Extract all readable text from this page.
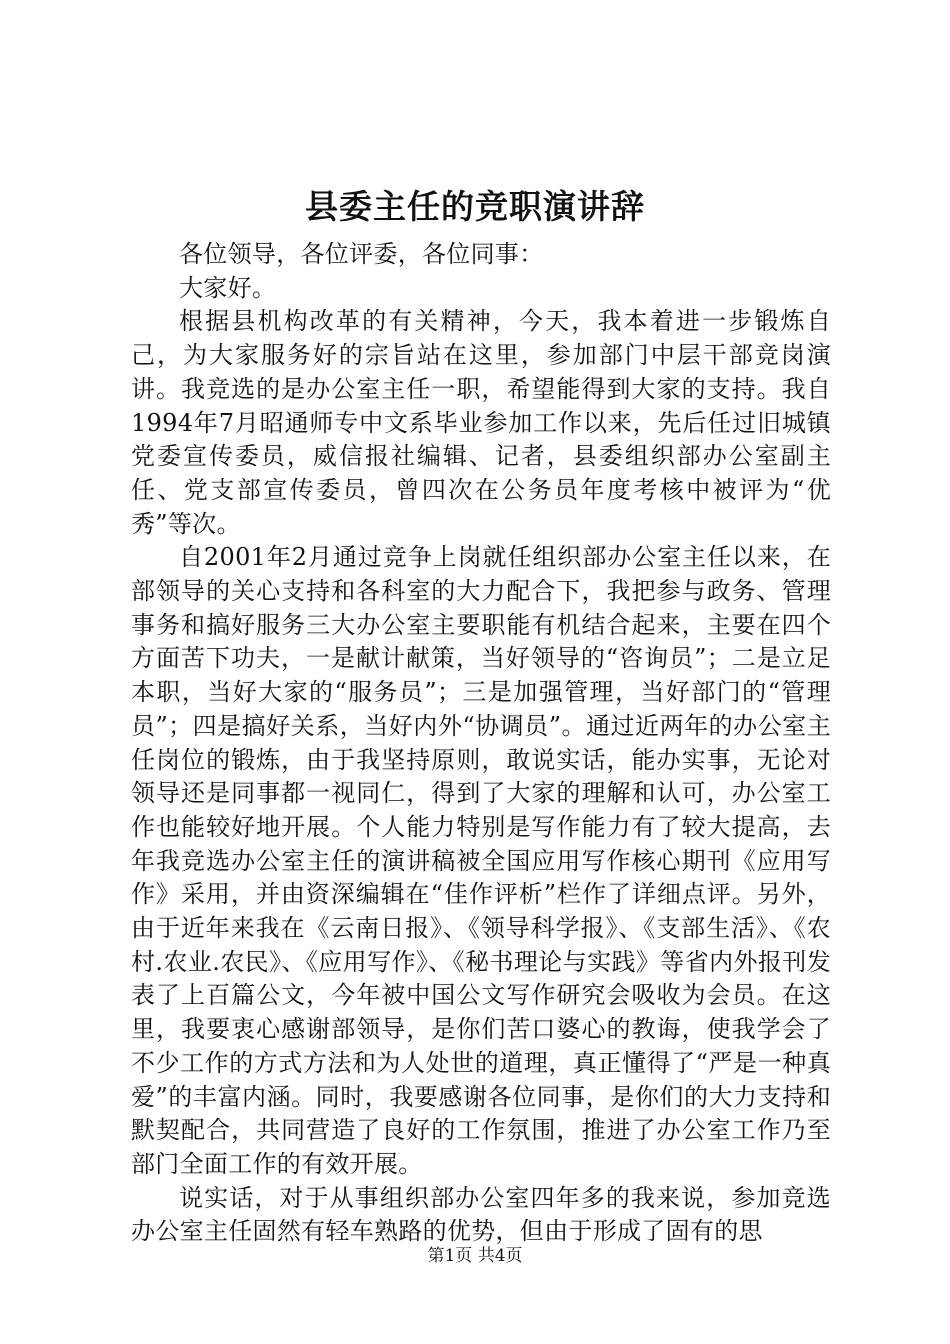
县委主任的竞职演讲辞

各位领导，各位评委，各位同事：

大家好。

根据县机构改革的有关精神，今天，我本着进一步锻炼自己，为大家服务好的宗旨站在这里，参加部门中层干部竞岗演讲。我竞选的是办公室主任一职，希望能得到大家的支持。我自1994年7月昭通师专中文系毕业参加工作以来，先后任过旧城镇党委宣传委员，威信报社编辑、记者，县委组织部办公室副主任、党支部宣传委员，曾四次在公务员年度考核中被评为“优秀”等次。

自2001年2月通过竞争上岗就任组织部办公室主任以来，在部领导的关心支持和各科室的大力配合下，我把参与政务、管理事务和搞好服务三大办公室主要职能有机结合起来，主要在四个方面苦下功夫，一是献计献策，当好领导的“咨询员”；二是立足本职，当好大家的“服务员”；三是加强管理，当好部门的“管理员”；四是搞好关系，当好内外“协调员”。通过近两年的办公室主任岗位的锻炼，由于我坚持原则，敢说实话，能办实事，无论对领导还是同事都一视同仁，得到了大家的理解和认可，办公室工作也能较好地开展。个人能力特别是写作能力有了较大提高，去年我竞选办公室主任的演讲稿被全国应用写作核心期刊《应用写作》采用，并由资深编辑在“佳作评析”栏作了详细点评。另外，由于近年来我在《云南日报》、《领导科学报》、《支部生活》、《农村.农业.农民》、《应用写作》、《秘书理论与实践》等省内外报刊发表了上百篇公文，今年被中国公文写作研究会吸收为会员。在这里，我要衷心感谢部领导，是你们苦口婆心的教诲，使我学会了不少工作的方式方法和为人处世的道理，真正懂得了“严是一种真爱”的丰富内涵。同时，我要感谢各位同事，是你们的大力支持和默契配合，共同营造了良好的工作氛围，推进了办公室工作乃至部门全面工作的有效开展。

说实话，对于从事组织部办公室四年多的我来说，参加竞选办公室主任固然有轻车熟路的优势，但由于形成了固有的思

第1页 共4页
